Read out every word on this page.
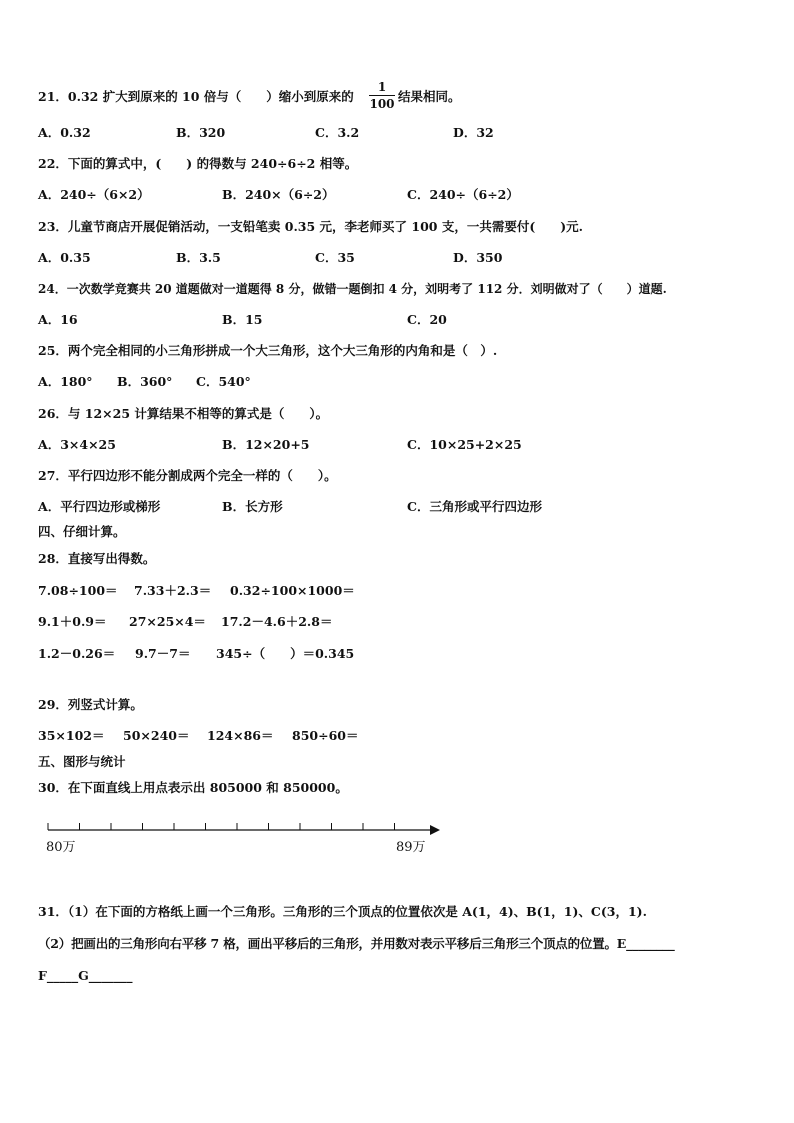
21．0.32 扩大到原来的 10 倍与（　　）缩小到原来的 $\frac{1}{100}$ 结果相同。
A．0.32	B．320	C．3.2	D．32
22．下面的算式中，(　　) 的得数与 240÷6÷2 相等。
A．240÷（6×2）	B．240×（6÷2）	C．240÷（6÷2）
23．儿童节商店开展促销活动，一支铅笔卖 0.35 元，李老师买了 100 支，一共需要付(　　)元.
A．0.35	B．3.5	C．35	D．350
24．一次数学竞赛共 20 道题做对一道题得 8 分，做错一题倒扣 4 分，刘明考了 112 分．刘明做对了（　　）道题.
A．16	B．15	C．20
25．两个完全相同的小三角形拼成一个大三角形，这个大三角形的内角和是（　）.
A．180° B．360° C．540°
26．与 12×25 计算结果不相等的算式是（　　）。
A．3×4×25	B．12×20+5	C．10×25+2×25
27．平行四边形不能分割成两个完全一样的（　　）。
A．平行四边形或梯形	B．长方形	C．三角形或平行四边形
四、仔细计算。
28．直接写出得数。
7.08÷100＝ 7.33＋2.3＝ 0.32÷100×1000＝
9.1＋0.9＝ 27×25×4＝ 17.2－4.6＋2.8＝
1.2－0.26＝ 9.7－7＝ 345÷（　　）＝0.345
29．列竖式计算。
35×102＝ 50×240＝ 124×86＝ 850÷60＝
五、图形与统计
30．在下面直线上用点表示出 805000 和 850000。
80万	89万
31．（1）在下面的方格纸上画一个三角形。三角形的三个顶点的位置依次是 A(1，4)、B(1，1)、C(3，1).
（2）把画出的三角形向右平移 7 格，画出平移后的三角形，并用数对表示平移后三角形三个顶点的位置。E________
F_____G_______
